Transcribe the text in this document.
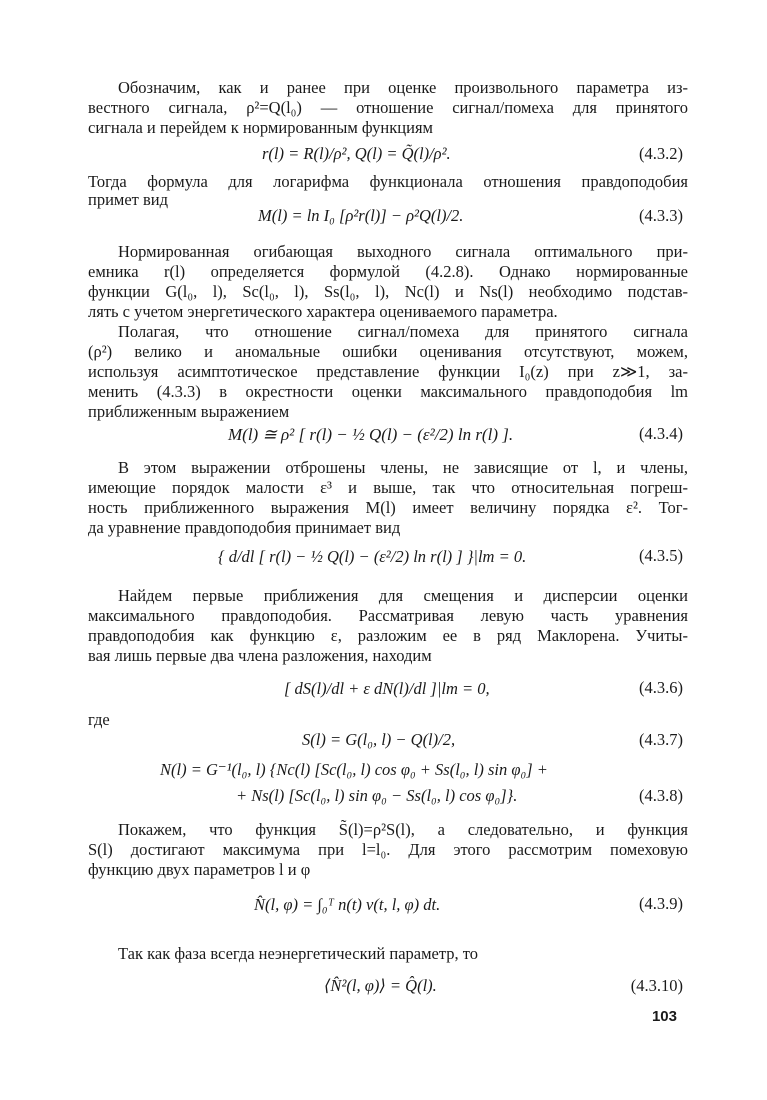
Обозначим, как и ранее при оценке произвольного параметра из-
вестного сигнала, ρ²=Q(l₀) — отношение сигнал/помеха для принятого
сигнала и перейдем к нормированным функциям
r(l) = R(l)/ρ², Q(l) = Q̃(l)/ρ².	(4.3.2)
Тогда формула для логарифма функционала отношения правдоподобия
примет вид
M(l) = ln I₀ [ρ²r(l)] − ρ²Q(l)/2.	(4.3.3)
Нормированная огибающая выходного сигнала оптимального при-
емника r(l) определяется формулой (4.2.8). Однако нормированные
функции G(l₀, l), Sc(l₀, l), Ss(l₀, l), Nc(l) и Ns(l) необходимо подстав-
лять с учетом энергетического характера оцениваемого параметра.
Полагая, что отношение сигнал/помеха для принятого сигнала
(ρ²) велико и аномальные ошибки оценивания отсутствуют, можем,
используя асимптотическое представление функции I₀(z) при z≫1, за-
менить (4.3.3) в окрестности оценки максимального правдоподобия lm
приближенным выражением
M(l) ≅ ρ² [ r(l) − ½ Q(l) − (ε²/2) ln r(l) ].	(4.3.4)
В этом выражении отброшены члены, не зависящие от l, и члены,
имеющие порядок малости ε³ и выше, так что относительная погреш-
ность приближенного выражения M(l) имеет величину порядка ε². Тог-
да уравнение правдоподобия принимает вид
{ d/dl [ r(l) − ½ Q(l) − (ε²/2) ln r(l) ] }|lm = 0.	(4.3.5)
Найдем первые приближения для смещения и дисперсии оценки
максимального правдоподобия. Рассматривая левую часть уравнения
правдоподобия как функцию ε, разложим ее в ряд Маклорена. Учиты-
вая лишь первые два члена разложения, находим
[ dS(l)/dl + ε dN(l)/dl ]|lm = 0,	(4.3.6)
где
S(l) = G(l₀, l) − Q(l)/2,	(4.3.7)
N(l) = G⁻¹(l₀, l) {Nc(l) [Sc(l₀, l) cos φ₀ + Ss(l₀, l) sin φ₀] +
+ Ns(l) [Sc(l₀, l) sin φ₀ − Ss(l₀, l) cos φ₀]}.	(4.3.8)
Покажем, что функция S̃(l)=ρ²S(l), а следовательно, и функция
S(l) достигают максимума при l=l₀. Для этого рассмотрим помеховую
функцию двух параметров l и φ
N̂(l, φ) = ∫₀ᵀ n(t) v(t, l, φ) dt.	(4.3.9)
Так как фаза всегда неэнергетический параметр, то
⟨N̂²(l, φ)⟩ = Q̂(l).	(4.3.10)
103
